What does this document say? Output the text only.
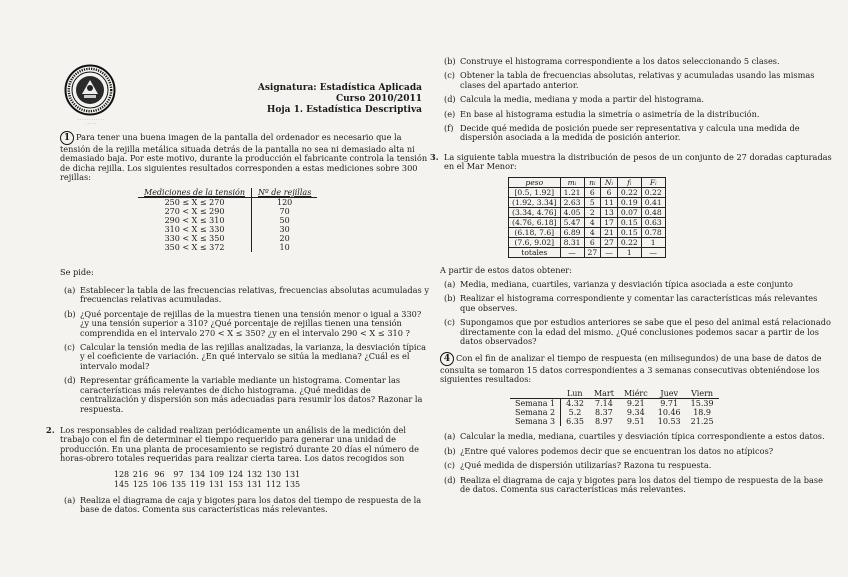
· · · · · · · · · · · ·
· · · · ·
Asignatura: Estadística Aplicada
Curso 2010/2011
Hoja 1. Estadística Descriptiva

1 Para tener una buena imagen de la pantalla del ordenador es necesario que la tensión de la rejilla metálica situada detrás de la pantalla no sea ni demasiado alta ni demasiado baja. Por este motivo, durante la producción el fabricante controla la tensión de dicha rejilla. Los siguientes resultados corresponden a estas mediciones sobre 300 rejillas:

Mediciones de la tensión	Nº de rejillas
250 ≤ X ≤ 270	120
270 < X ≤ 290	70
290 < X ≤ 310	50
310 < X ≤ 330	30
330 < X ≤ 350	20
350 < X ≤ 372	10

Se pide:

(a) Establecer la tabla de las frecuencias relativas, frecuencias absolutas acumuladas y frecuencias relativas acumuladas.
(b) ¿Qué porcentaje de rejillas de la muestra tienen una tensión menor o igual a 330? ¿y una tensión superior a 310? ¿Qué porcentaje de rejillas tienen una tensión comprendida en el intervalo 270 < X ≤ 350? ¿y en el intervalo 290 < X ≤ 310 ?
(c) Calcular la tensión media de las rejillas analizadas, la varianza, la desviación típica y el coeficiente de variación. ¿En qué intervalo se sitúa la mediana? ¿Cuál es el intervalo modal?
(d) Representar gráficamente la variable mediante un histograma. Comentar las características más relevantes de dicho histograma. ¿Qué medidas de centralización y dispersión son más adecuadas para resumir los datos? Razonar la respuesta.

2. Los responsables de calidad realizan periódicamente un análisis de la medición del trabajo con el fin de determinar el tiempo requerido para generar una unidad de producción. En una planta de procesamiento se registró durante 20 días el número de horas-obrero totales requeridas para realizar cierta tarea. Los datos recogidos son

128 216 96 97 134 109 124 132 130 131
145 125 106 135 119 131 153 131 112 135
(a) Realiza el diagrama de caja y bigotes para los datos del tiempo de respuesta de la base de datos. Comenta sus características más relevantes.
(b) Construye el histograma correspondiente a los datos seleccionando 5 clases.
(c) Obtener la tabla de frecuencias absolutas, relativas y acumuladas usando las mismas clases del apartado anterior.
(d) Calcula la media, mediana y moda a partir del histograma.
(e) En base al histograma estudia la simetría o asimetría de la distribución.
(f) Decide qué medida de posición puede ser representativa y calcula una medida de dispersión asociada a la medida de posición anterior.

3. La siguiente tabla muestra la distribución de pesos de un conjunto de 27 doradas capturadas en el Mar Menor:

peso	mᵢ	nᵢ	Nᵢ	fᵢ	Fᵢ
[0.5, 1.92]	1.21	6	6	0.22	0.22
(1.92, 3.34]	2.63	5	11	0.19	0.41
(3.34, 4.76]	4.05	2	13	0.07	0.48
(4.76, 6.18]	5.47	4	17	0.15	0.63
(6.18, 7.6]	6.89	4	21	0.15	0.78
(7.6, 9.02]	8.31	6	27	0.22	1
totales	—	27	—	1	—

A partir de estos datos obtener:

(a) Media, mediana, cuartiles, varianza y desviación típica asociada a este conjunto
(b) Realizar el histograma correspondiente y comentar las características más relevantes que observes.
(c) Supongamos que por estudios anteriores se sabe que el peso del animal está relacionado directamente con la edad del mismo. ¿Qué conclusiones podemos sacar a partir de los datos observados?

4 Con el fin de analizar el tiempo de respuesta (en milisegundos) de una base de datos de consulta se tomaron 15 datos correspondientes a 3 semanas consecutivas obteniéndose los siguientes resultados:

	Lun	Mart	Miérc	Juev	Viern
Semana 1	4.32	7.14	9.21	9.71	15.39
Semana 2	5.2	8.37	9.34	10.46	18.9
Semana 3	6.35	8.97	9.51	10.53	21.25
(a) Calcular la media, mediana, cuartiles y desviación típica correspondiente a estos datos.
(b) ¿Entre qué valores podemos decir que se encuentran los datos no atípicos?
(c) ¿Qué medida de dispersión utilizarías? Razona tu respuesta.
(d) Realiza el diagrama de caja y bigotes para los datos del tiempo de respuesta de la base de datos. Comenta sus características más relevantes.
